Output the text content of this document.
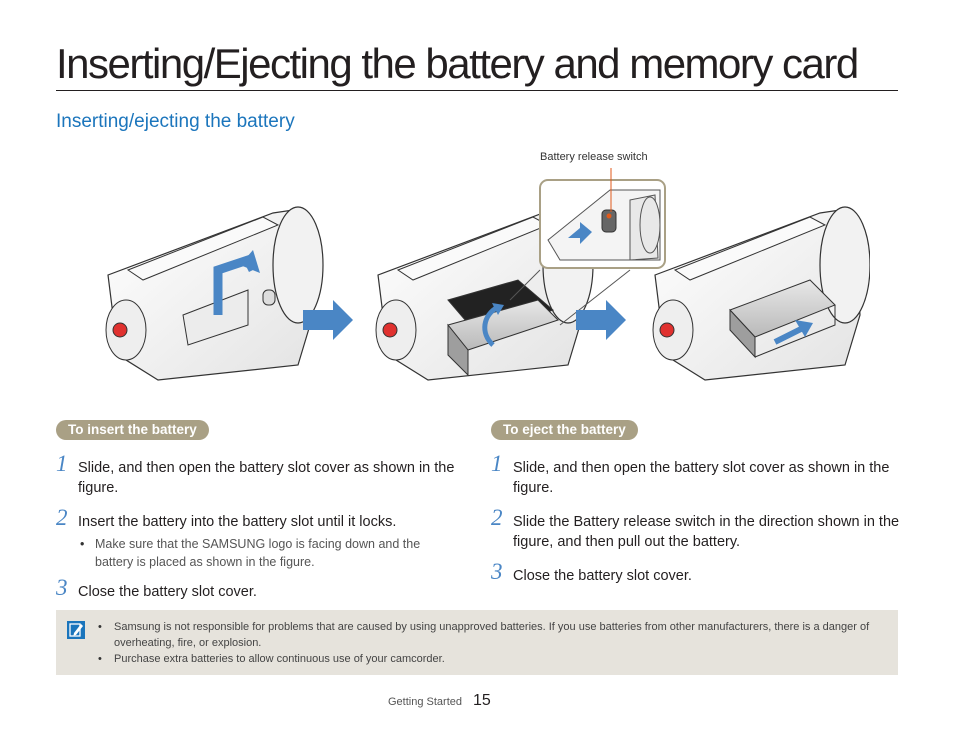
Inserting/Ejecting the battery and memory card
Inserting/ejecting the battery
Battery release switch
To insert the battery	To eject the battery
1 Slide, and then open the battery slot cover as shown in the figure.
2 Insert the battery into the battery slot until it locks.
• Make sure that the SAMSUNG logo is facing down and the battery is placed as shown in the figure.
3 Close the battery slot cover.
1 Slide, and then open the battery slot cover as shown in the figure.
2 Slide the Battery release switch in the direction shown in the figure, and then pull out the battery.
3 Close the battery slot cover.
• Samsung is not responsible for problems that are caused by using unapproved batteries. If you use batteries from other manufacturers, there is a danger of overheating, fire, or explosion.
• Purchase extra batteries to allow continuous use of your camcorder.
Getting Started 15
